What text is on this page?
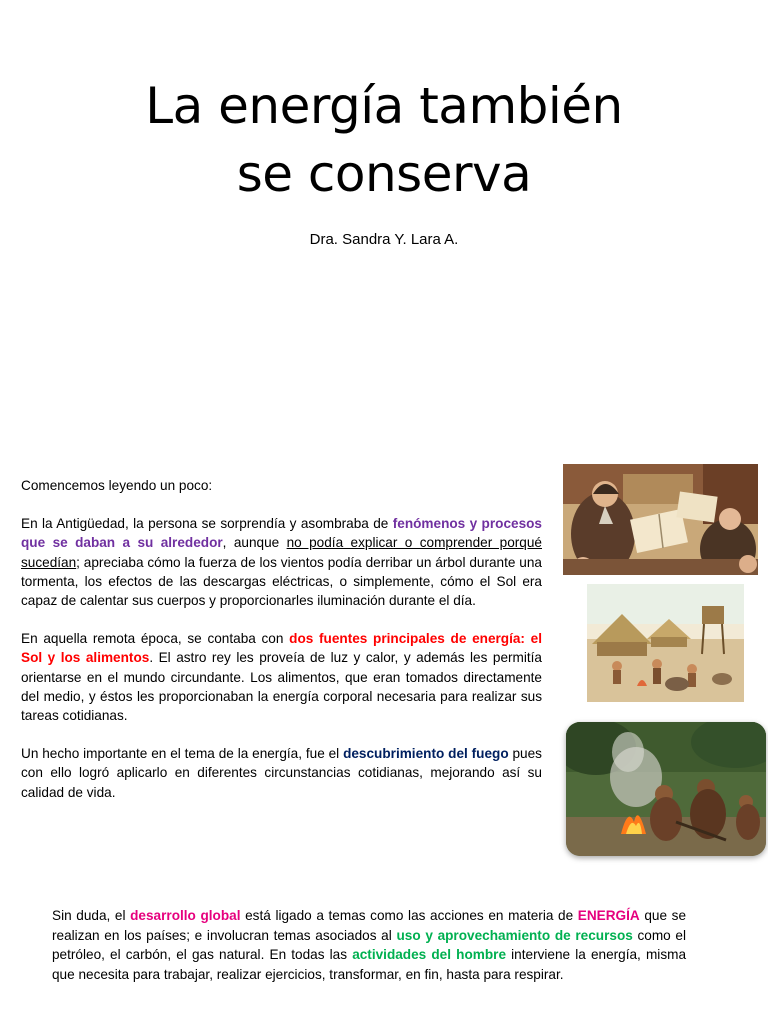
La energía también
se conserva

Dra. Sandra Y. Lara A.

Comencemos leyendo un poco:

En la Antigüedad, la persona se sorprendía y asombraba de fenómenos y procesos que se daban a su alrededor, aunque no podía explicar o comprender porqué sucedían; apreciaba cómo la fuerza de los vientos podía derribar un árbol durante una tormenta, los efectos de las descargas eléctricas, o simplemente, cómo el Sol era capaz de calentar sus cuerpos y proporcionarles iluminación durante el día.

En aquella remota época, se contaba con dos fuentes principales de energía: el Sol y los alimentos. El astro rey les proveía de luz y calor, y además les permitía orientarse en el mundo circundante. Los alimentos, que eran tomados directamente del medio, y éstos les proporcionaban la energía corporal necesaria para realizar sus tareas cotidianas.

Un hecho importante en el tema de la energía, fue el descubrimiento del fuego pues con ello logró aplicarlo en diferentes circunstancias cotidianas, mejorando así su calidad de vida.

Sin duda, el desarrollo global está ligado a temas como las acciones en materia de ENERGÍA que se realizan en los países; e involucran temas asociados al uso y aprovechamiento de recursos como el petróleo, el carbón, el gas natural. En todas las actividades del hombre interviene la energía, misma que necesita para trabajar, realizar ejercicios, transformar, en fin, hasta para respirar.
